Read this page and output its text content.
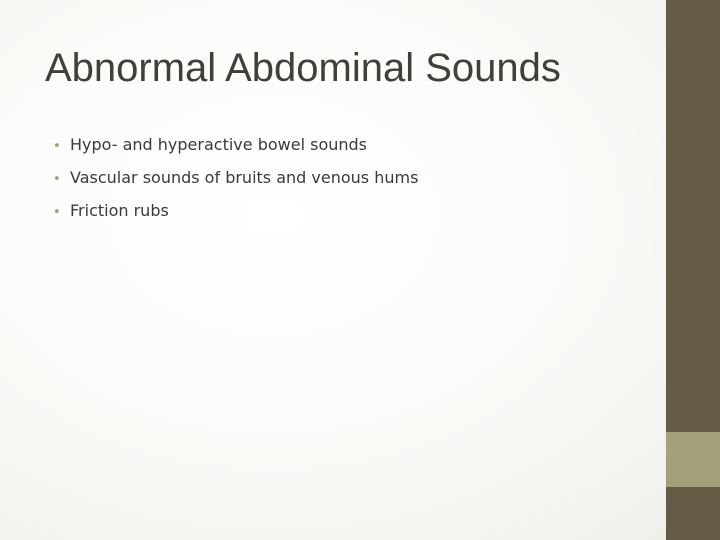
Abnormal Abdominal Sounds
• Hypo- and hyperactive bowel sounds
• Vascular sounds of bruits and venous hums
• Friction rubs
